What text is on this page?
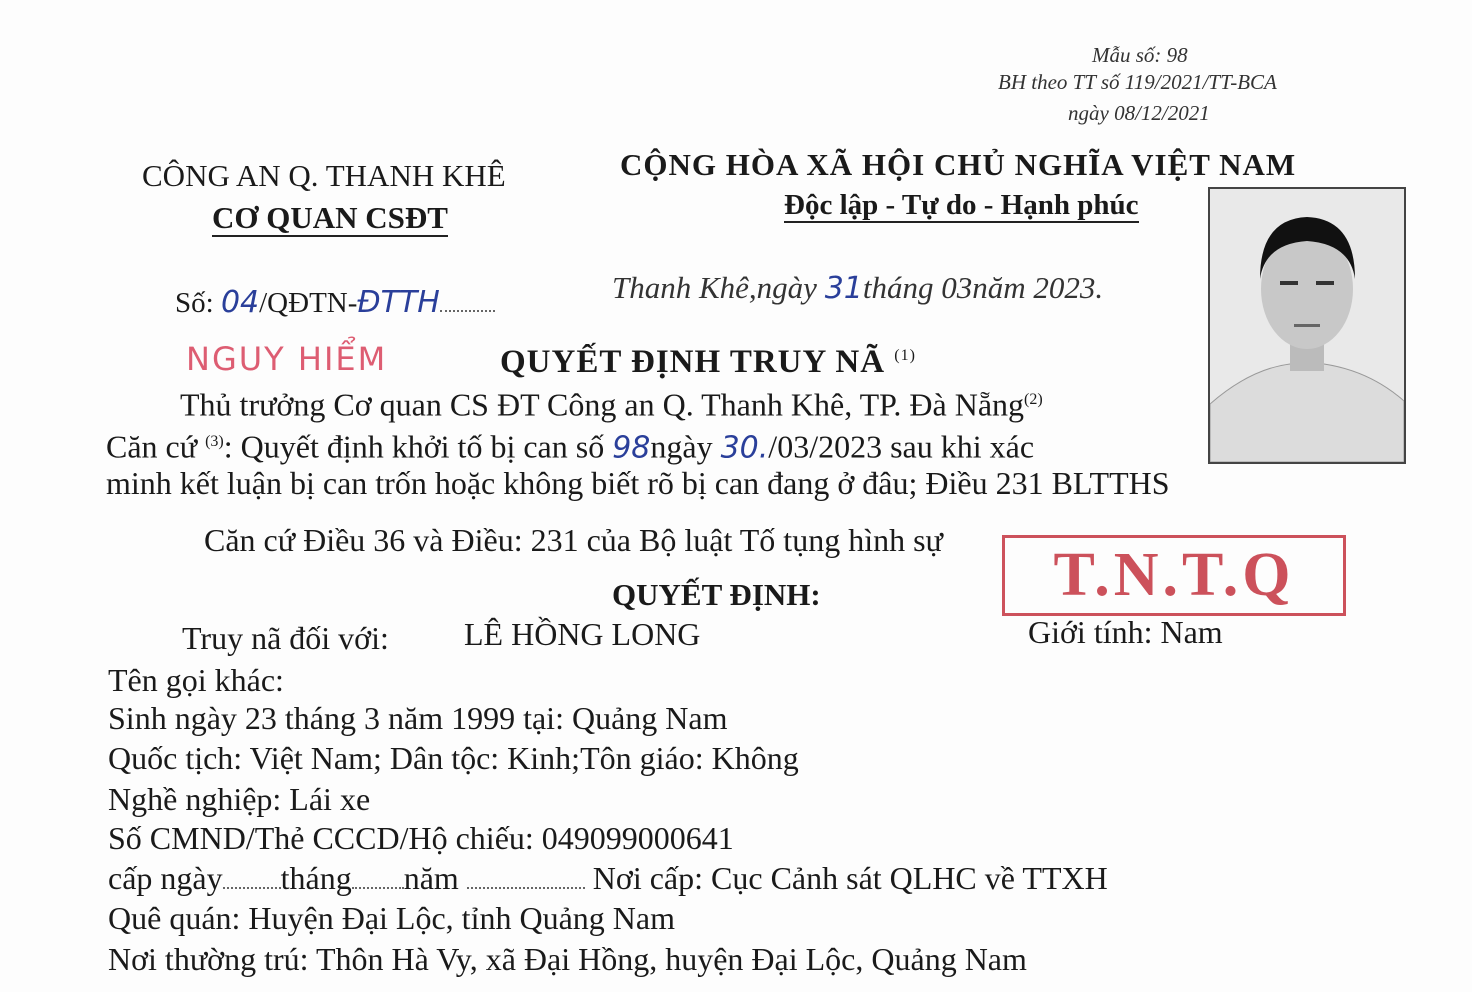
Mẫu số: 98
BH theo TT số 119/2021/TT-BCA
ngày 08/12/2021
CÔNG AN Q. THANH KHÊ
CƠ QUAN CSĐT
CỘNG HÒA XÃ HỘI CHỦ NGHĨA VIỆT NAM
Độc lập - Tự do - Hạnh phúc
Số: 04/QĐTN-ĐTTH	Thanh Khê,ngày 31tháng 03năm 2023.
NGUY HIỂM	QUYẾT ĐỊNH TRUY NÃ $^{(1)}$
Thủ trưởng Cơ quan CS ĐT Công an Q. Thanh Khê, TP. Đà Nẵng$^{(2)}$
Căn cứ $^{(3)}$: Quyết định khởi tố bị can số 98ngày 30./03/2023 sau khi xác
minh kết luận bị can trốn hoặc không biết rõ bị can đang ở đâu; Điều 231 BLTTHS
Căn cứ Điều 36 và Điều: 231 của Bộ luật Tố tụng hình sự
T.N.T.Q
QUYẾT ĐỊNH:
Truy nã đối với: LÊ HỒNG LONG	Giới tính: Nam
Tên gọi khác:
Sinh ngày 23 tháng 3 năm 1999 tại: Quảng Nam
Quốc tịch: Việt Nam; Dân tộc: Kinh;Tôn giáo: Không
Nghề nghiệp: Lái xe
Số CMND/Thẻ CCCD/Hộ chiếu: 049099000641
cấp ngày tháng năm	Nơi cấp: Cục Cảnh sát QLHC về TTXH
Quê quán: Huyện Đại Lộc, tỉnh Quảng Nam
Nơi thường trú: Thôn Hà Vy, xã Đại Hồng, huyện Đại Lộc, Quảng Nam
